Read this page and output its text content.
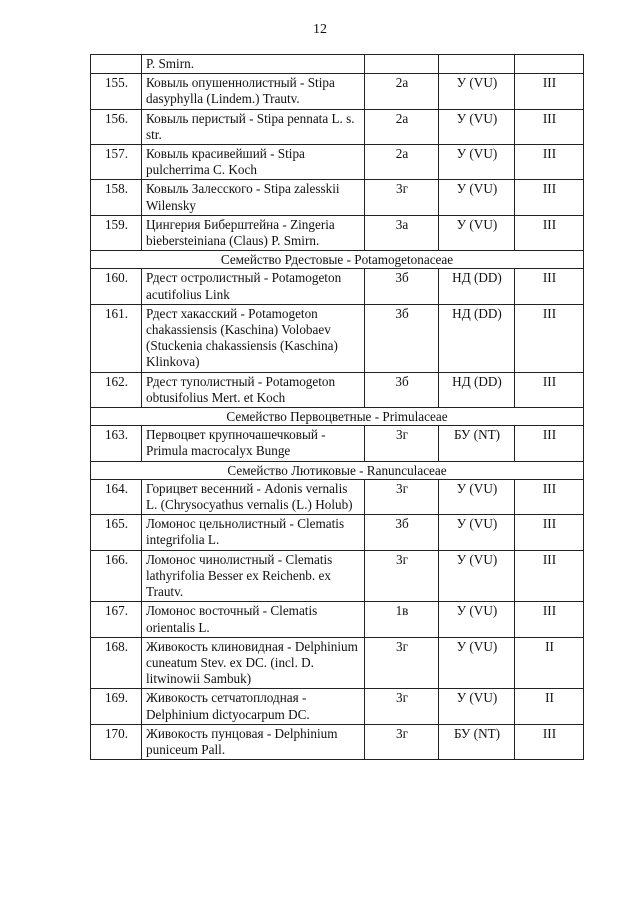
12
	P. Smirn.			
155.	Ковыль опушеннолистный - Stipa dasyphylla (Lindem.) Trautv.	2а	У (VU)	III
156.	Ковыль перистый - Stipa pennata L. s. str.	2а	У (VU)	III
157.	Ковыль красивейший - Stipa pulcherrima C. Koch	2а	У (VU)	III
158.	Ковыль Залесского - Stipa zalesskii Wilensky	3г	У (VU)	III
159.	Цингерия Биберштейна - Zingeria biebersteiniana (Claus) P. Smirn.	3а	У (VU)	III
Семейство Рдестовые - Potamogetonaceae				
160.	Рдест остролистный - Potamogeton acutifolius Link	3б	НД (DD)	III
161.	Рдест хакасский - Potamogeton chakassiensis (Kaschina) Volobaev (Stuckenia chakassiensis (Kaschina) Klinkova)	3б	НД (DD)	III
162.	Рдест туполистный - Potamogeton obtusifolius Mert. et Koch	3б	НД (DD)	III
Семейство Первоцветные - Primulaceae				
163.	Первоцвет крупночашечковый - Primula macrocalyx Bunge	3г	БУ (NT)	III
Семейство Лютиковые - Ranunculaceae				
164.	Горицвет весенний - Adonis vernalis L. (Chrysocyathus vernalis (L.) Holub)	3г	У (VU)	III
165.	Ломонос цельнолистный - Clematis integrifolia L.	3б	У (VU)	III
166.	Ломонос чинолистный - Clematis lathyrifolia Besser ex Reichenb. ex Trautv.	3г	У (VU)	III
167.	Ломонос восточный - Clematis orientalis L.	1в	У (VU)	III
168.	Живокость клиновидная - Delphinium cuneatum Stev. ex DC. (incl. D. litwinowii Sambuk)	3г	У (VU)	II
169.	Живокость сетчатоплодная - Delphinium dictyocarpum DC.	3г	У (VU)	II
170.	Живокость пунцовая - Delphinium puniceum Pall.	3г	БУ (NT)	III
